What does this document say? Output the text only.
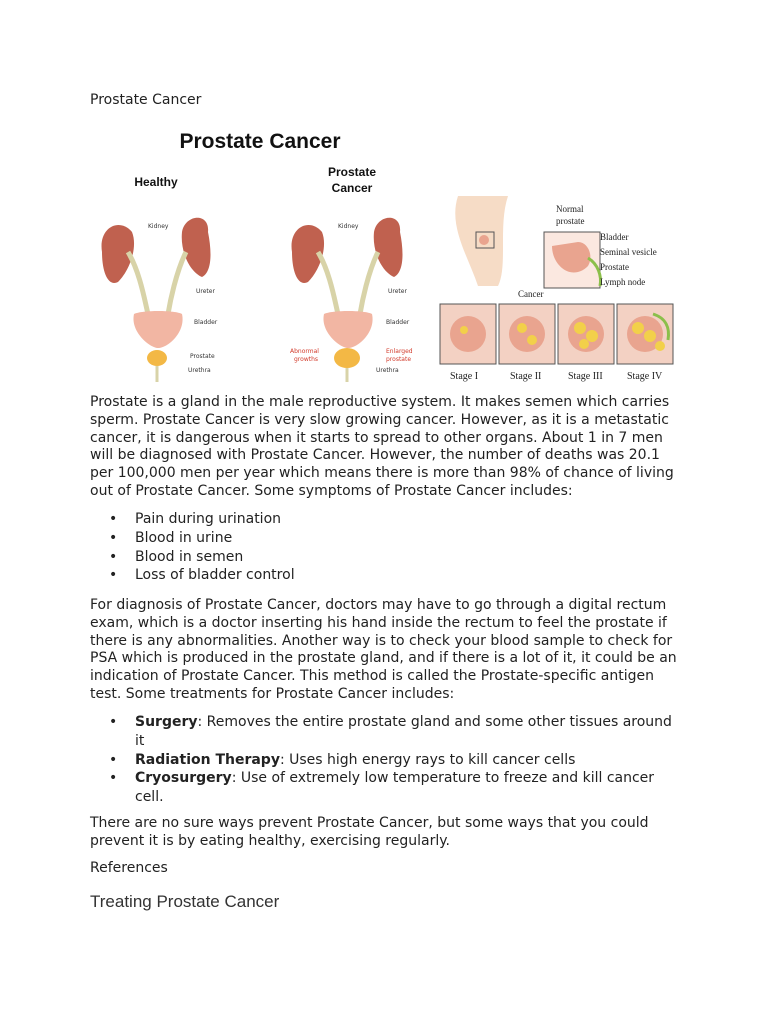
Prostate Cancer
Prostate Cancer
Healthy
Prostate
Cancer
Kidney
Ureter
Bladder
Prostate
Urethra
Kidney
Ureter
Bladder
Urethra
Abnormal
growths
Enlarged
prostate
Normal
prostate
Bladder
Seminal vesicle
Prostate
Lymph node
Cancer
Stage I	Stage II	Stage III Stage IV

Prostate is a gland in the male reproductive system. It makes semen which carries
sperm. Prostate Cancer is very slow growing cancer. However, as it is a metastatic
cancer, it is dangerous when it starts to spread to other organs. About 1 in 7 men
will be diagnosed with Prostate Cancer. However, the number of deaths was 20.1
per 100,000 men per year which means there is more than 98% of chance of living
out of Prostate Cancer. Some symptoms of Prostate Cancer includes:

• Pain during urination
• Blood in urine
• Blood in semen
• Loss of bladder control

For diagnosis of Prostate Cancer, doctors may have to go through a digital rectum
exam, which is a doctor inserting his hand inside the rectum to feel the prostate if
there is any abnormalities. Another way is to check your blood sample to check for
PSA which is produced in the prostate gland, and if there is a lot of it, it could be an
indication of Prostate Cancer. This method is called the Prostate-specific antigen
test. Some treatments for Prostate Cancer includes:

• Surgery: Removes the entire prostate gland and some other tissues around
it
• Radiation Therapy: Uses high energy rays to kill cancer cells
• Cryosurgery: Use of extremely low temperature to freeze and kill cancer
cell.

There are no sure ways prevent Prostate Cancer, but some ways that you could
prevent it is by eating healthy, exercising regularly.

References

Treating Prostate Cancer
